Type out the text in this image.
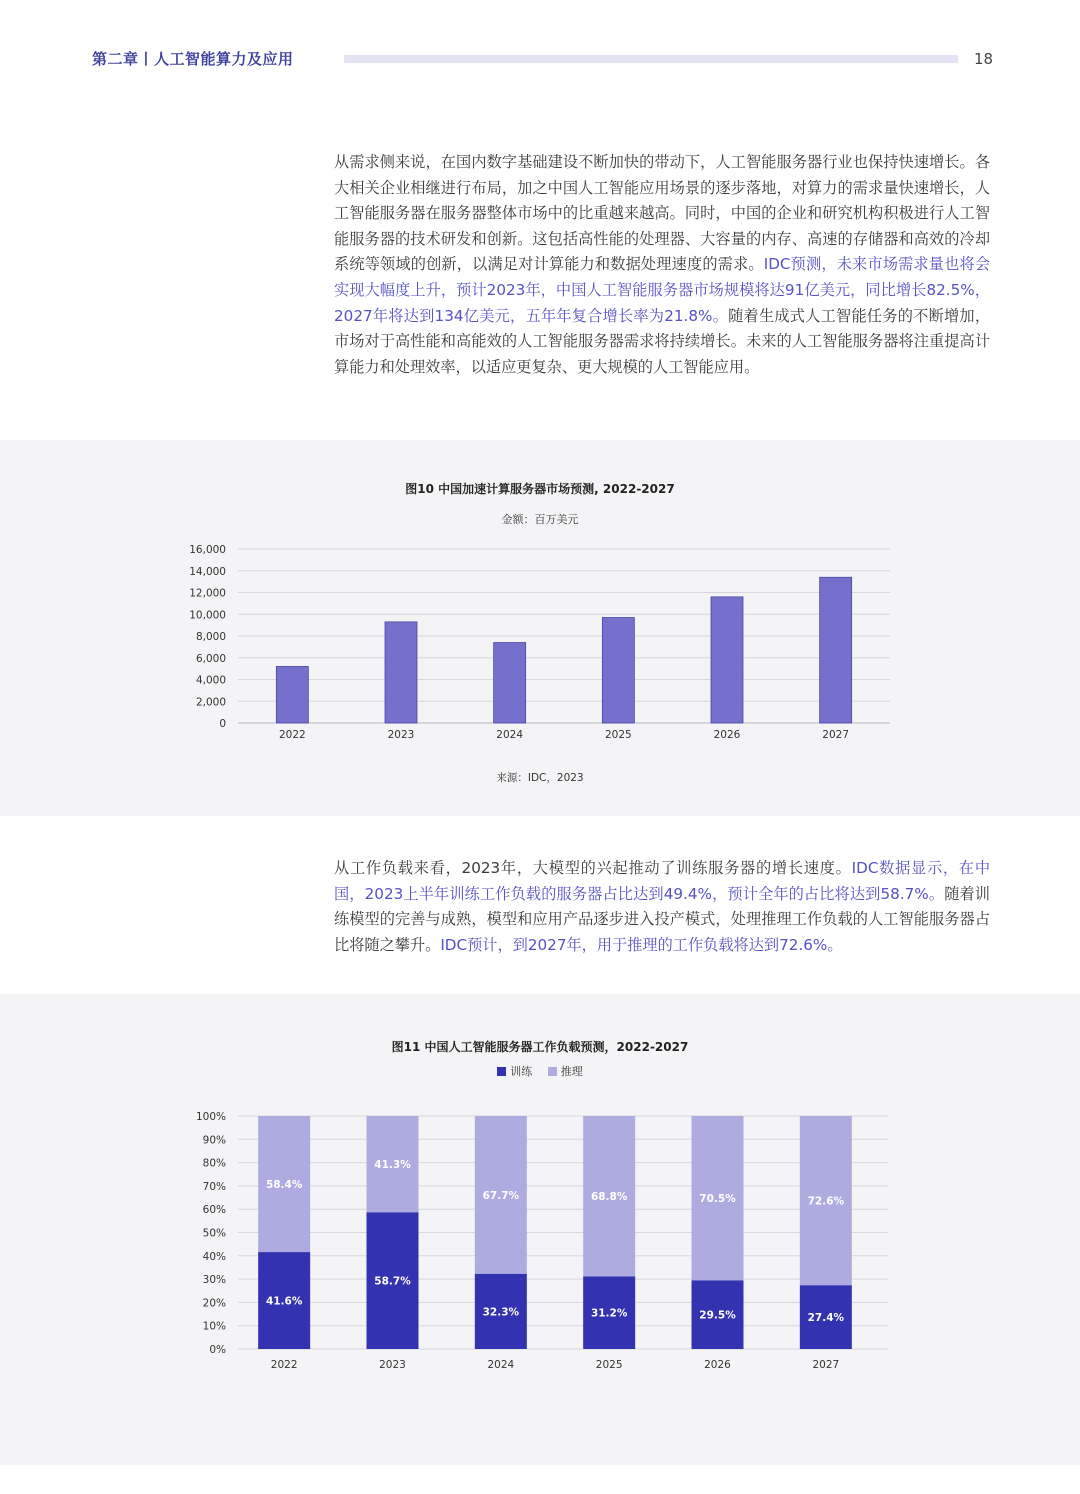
第二章丨人工智能算力及应用	18
从需求侧来说，在国内数字基础建设不断加快的带动下，人工智能服务器行业也保持快速增长。各大相关企业相继进行布局，加之中国人工智能应用场景的逐步落地，对算力的需求量快速增长，人工智能服务器在服务器整体市场中的比重越来越高。同时，中国的企业和研究机构积极进行人工智能服务器的技术研发和创新。这包括高性能的处理器、大容量的内存、高速的存储器和高效的冷却系统等领域的创新，以满足对计算能力和数据处理速度的需求。IDC预测，未来市场需求量也将会实现大幅度上升，预计2023年，中国人工智能服务器市场规模将达91亿美元，同比增长82.5%，2027年将达到134亿美元，五年年复合增长率为21.8%。随着生成式人工智能任务的不断增加，市场对于高性能和高能效的人工智能服务器需求将持续增长。未来的人工智能服务器将注重提高计算能力和处理效率，以适应更复杂、更大规模的人工智能应用。
图10 中国加速计算服务器市场预测, 2022-2027
金额：百万美元
0
2,000
4,000
6,000
8,000
10,000
12,000
14,000
16,000
2022	2023	2024	2025	2026	2027
来源：IDC，2023
从工作负载来看，2023年，大模型的兴起推动了训练服务器的增长速度。IDC数据显示，在中国，2023上半年训练工作负载的服务器占比达到49.4%，预计全年的占比将达到58.7%。随着训练模型的完善与成熟，模型和应用产品逐步进入投产模式，处理推理工作负载的人工智能服务器占比将随之攀升。IDC预计，到2027年，用于推理的工作负载将达到72.6%。
图11 中国人工智能服务器工作负载预测，2022-2027
训练	推理
0%
10%
20%
30%
40%
50%
60%
70%
80%
90%
100%
41.6%
58.4%
2022
58.7%
41.3%
2023
32.3%
67.7%
2024
31.2%
68.8%
2025
29.5%
70.5%
2026
27.4%
72.6%
2027
